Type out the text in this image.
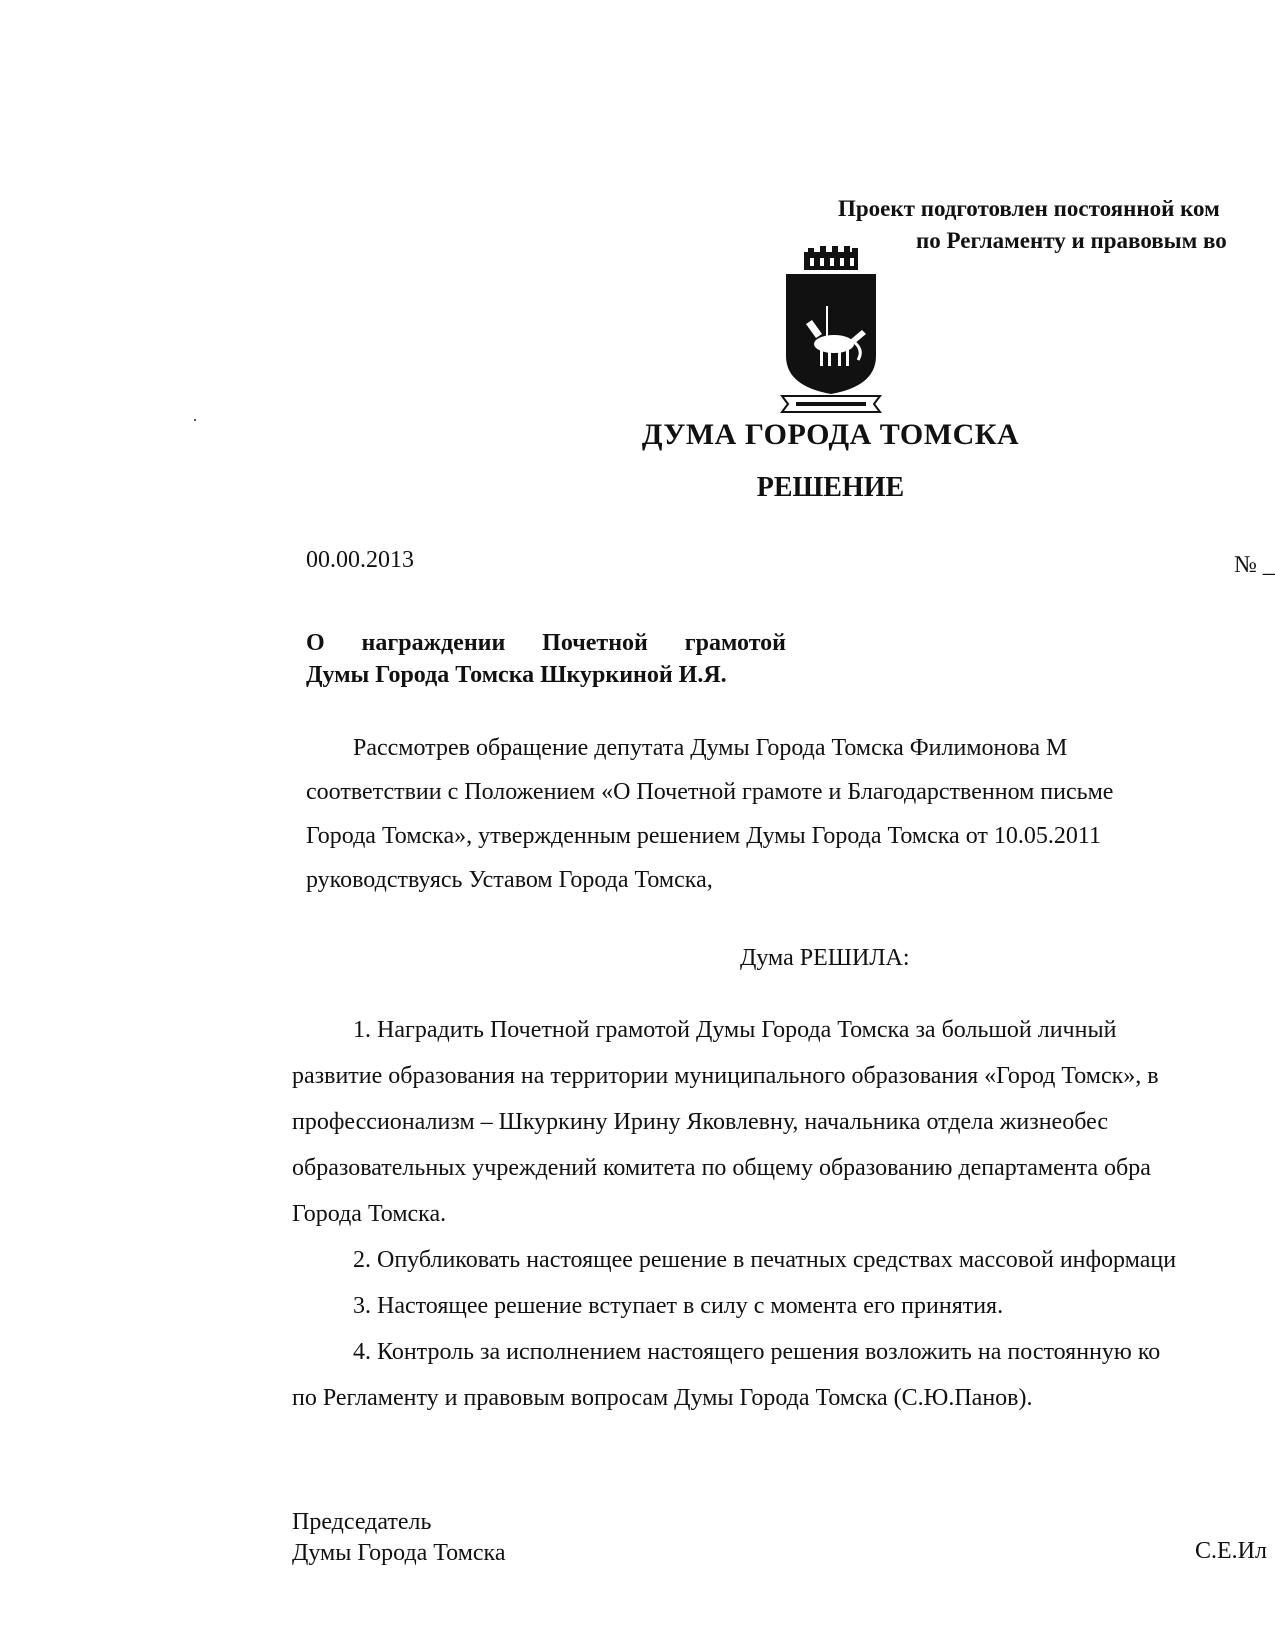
Проект подготовлен постоянной ком
по Регламенту и правовым во
ДУМА ГОРОДА ТОМСКА
РЕШЕНИЕ
00.00.2013	№ _
О награждении Почетной грамотой
Думы Города Томска Шкуркиной И.Я.
Рассмотрев обращение депутата Думы Города Томска Филимонова М
соответствии с Положением «О Почетной грамоте и Благодарственном письме
Города Томска», утвержденным решением Думы Города Томска от 10.05.2011
руководствуясь Уставом Города Томска,
Дума РЕШИЛА:
1. Наградить Почетной грамотой Думы Города Томска за большой личный
развитие образования на территории муниципального образования «Город Томск», в
профессионализм – Шкуркину Ирину Яковлевну, начальника отдела жизнеобес
образовательных учреждений комитета по общему образованию департамента обра
Города Томска.
2. Опубликовать настоящее решение в печатных средствах массовой информаци
3. Настоящее решение вступает в силу с момента его принятия.
4. Контроль за исполнением настоящего решения возложить на постоянную ко
по Регламенту и правовым вопросам Думы Города Томска (С.Ю.Панов).
Председатель
Думы Города Томска	С.Е.Ил
